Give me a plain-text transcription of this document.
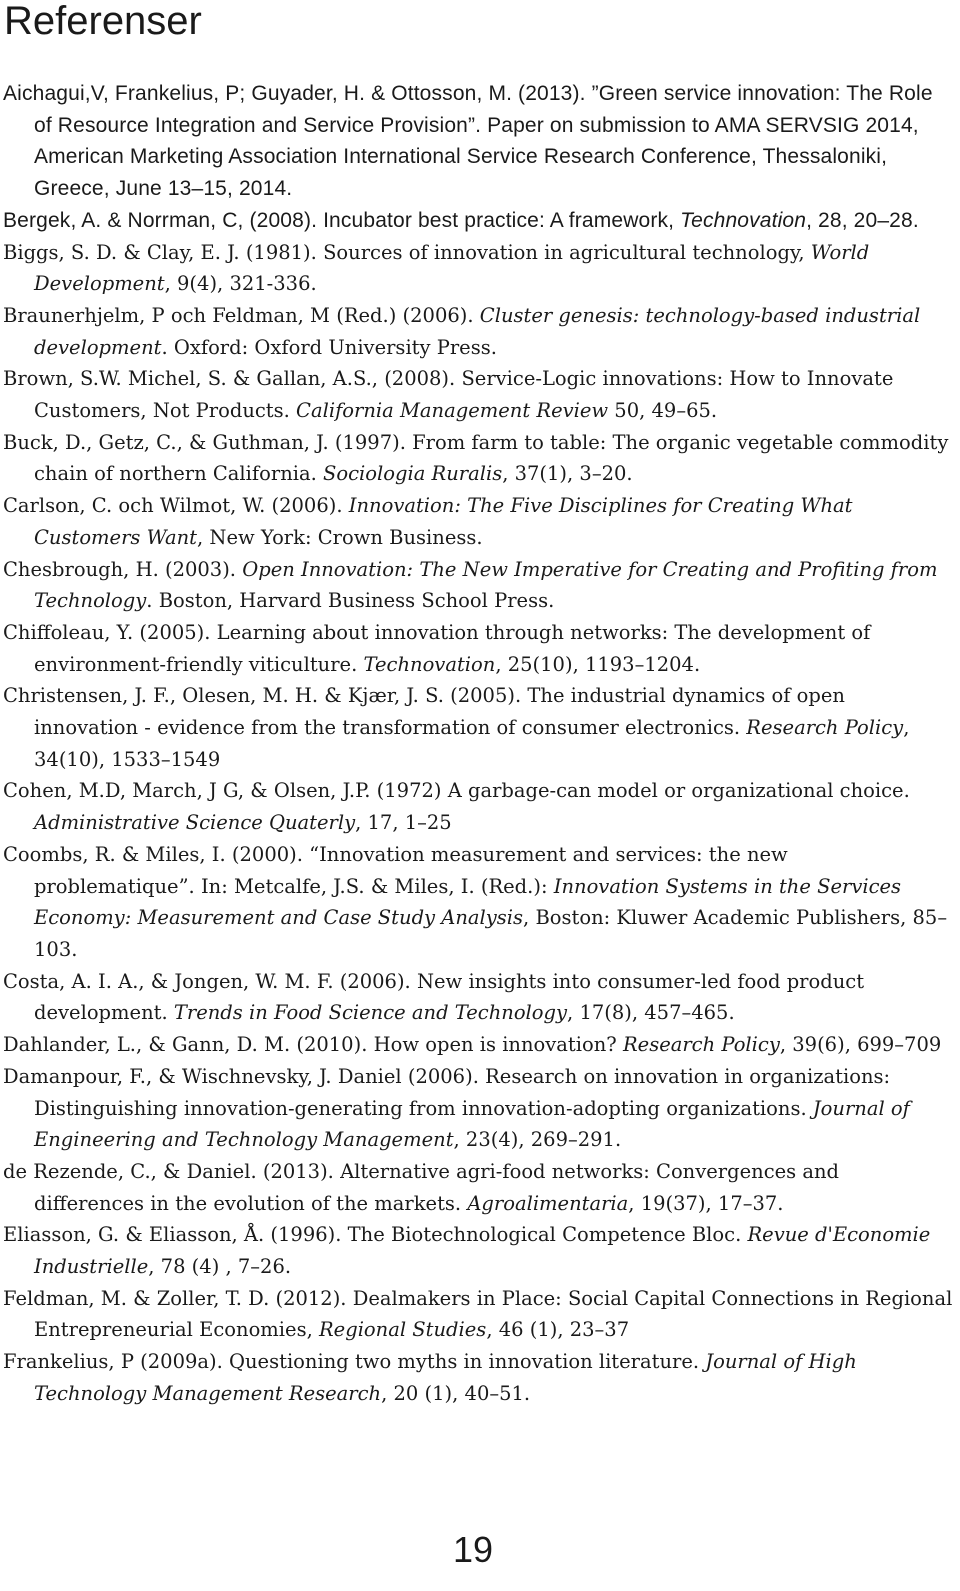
Referenser
Aichagui,V, Frankelius, P; Guyader, H. & Ottosson, M. (2013). ”Green service innovation: The Role of Resource Integration and Service Provision”. Paper on submission to AMA SERVSIG 2014, American Marketing Association International Service Research Conference, Thessaloniki, Greece, June 13–15, 2014.
Bergek, A. & Norrman, C, (2008). Incubator best practice: A framework, Technovation, 28, 20–28.
Biggs, S. D. & Clay, E. J. (1981). Sources of innovation in agricultural technology, World Development, 9(4), 321-336.
Braunerhjelm, P och Feldman, M (Red.) (2006). Cluster genesis: technology-based industrial development. Oxford: Oxford University Press.
Brown, S.W. Michel, S. & Gallan, A.S., (2008). Service-Logic innovations: How to Innovate Customers, Not Products. California Management Review 50, 49–65.
Buck, D., Getz, C., & Guthman, J. (1997). From farm to table: The organic vegetable commodity chain of northern California. Sociologia Ruralis, 37(1), 3–20.
Carlson, C. och Wilmot, W. (2006). Innovation: The Five Disciplines for Creating What Customers Want, New York: Crown Business.
Chesbrough, H. (2003). Open Innovation: The New Imperative for Creating and Profiting from Technology. Boston, Harvard Business School Press.
Chiffoleau, Y. (2005). Learning about innovation through networks: The development of environment-friendly viticulture. Technovation, 25(10), 1193–1204.
Christensen, J. F., Olesen, M. H. & Kjær, J. S. (2005). The industrial dynamics of open innovation - evidence from the transformation of consumer electronics. Research Policy, 34(10), 1533–1549
Cohen, M.D, March, J G, & Olsen, J.P. (1972) A garbage-can model or organizational choice. Administrative Science Quaterly, 17, 1–25
Coombs, R. & Miles, I. (2000). “Innovation measurement and services: the new problematique”. In: Metcalfe, J.S. & Miles, I. (Red.): Innovation Systems in the Services Economy: Measurement and Case Study Analysis, Boston: Kluwer Academic Publishers, 85–103.
Costa, A. I. A., & Jongen, W. M. F. (2006). New insights into consumer-led food product development. Trends in Food Science and Technology, 17(8), 457–465.
Dahlander, L., & Gann, D. M. (2010). How open is innovation? Research Policy, 39(6), 699–709
Damanpour, F., & Wischnevsky, J. Daniel (2006). Research on innovation in organizations: Distinguishing innovation-generating from innovation-adopting organizations. Journal of Engineering and Technology Management, 23(4), 269–291.
de Rezende, C., & Daniel. (2013). Alternative agri-food networks: Convergences and differences in the evolution of the markets. Agroalimentaria, 19(37), 17–37.
Eliasson, G. & Eliasson, Å. (1996). The Biotechnological Competence Bloc. Revue d'Economie Industrielle, 78 (4) , 7–26.
Feldman, M. & Zoller, T. D. (2012). Dealmakers in Place: Social Capital Connections in Regional Entrepreneurial Economies, Regional Studies, 46 (1), 23–37
Frankelius, P (2009a). Questioning two myths in innovation literature. Journal of High Technology Management Research, 20 (1), 40–51.
19
